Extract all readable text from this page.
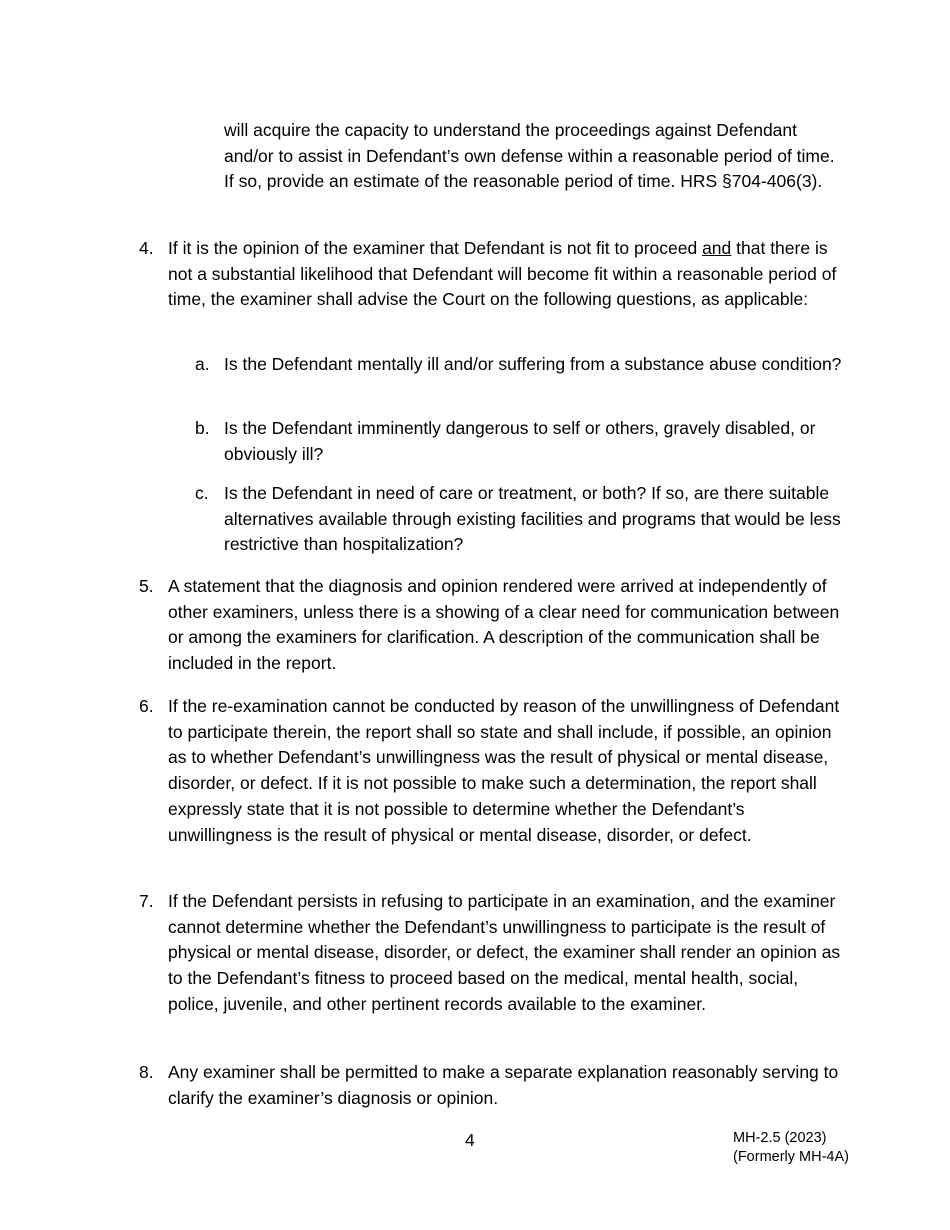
will acquire the capacity to understand the proceedings against Defendant and/or to assist in Defendant’s own defense within a reasonable period of time. If so, provide an estimate of the reasonable period of time. HRS §704-406(3).

4. If it is the opinion of the examiner that Defendant is not fit to proceed and that there is not a substantial likelihood that Defendant will become fit within a reasonable period of time, the examiner shall advise the Court on the following questions, as applicable:
a. Is the Defendant mentally ill and/or suffering from a substance abuse condition?
b. Is the Defendant imminently dangerous to self or others, gravely disabled, or obviously ill?
c. Is the Defendant in need of care or treatment, or both? If so, are there suitable alternatives available through existing facilities and programs that would be less restrictive than hospitalization?
5. A statement that the diagnosis and opinion rendered were arrived at independently of other examiners, unless there is a showing of a clear need for communication between or among the examiners for clarification. A description of the communication shall be included in the report.
6. If the re-examination cannot be conducted by reason of the unwillingness of Defendant to participate therein, the report shall so state and shall include, if possible, an opinion as to whether Defendant’s unwillingness was the result of physical or mental disease, disorder, or defect. If it is not possible to make such a determination, the report shall expressly state that it is not possible to determine whether the Defendant’s unwillingness is the result of physical or mental disease, disorder, or defect.
7. If the Defendant persists in refusing to participate in an examination, and the examiner cannot determine whether the Defendant’s unwillingness to participate is the result of physical or mental disease, disorder, or defect, the examiner shall render an opinion as to the Defendant’s fitness to proceed based on the medical, mental health, social, police, juvenile, and other pertinent records available to the examiner.
8. Any examiner shall be permitted to make a separate explanation reasonably serving to clarify the examiner’s diagnosis or opinion.
4	MH-2.5 (2023)
(Formerly MH-4A)
